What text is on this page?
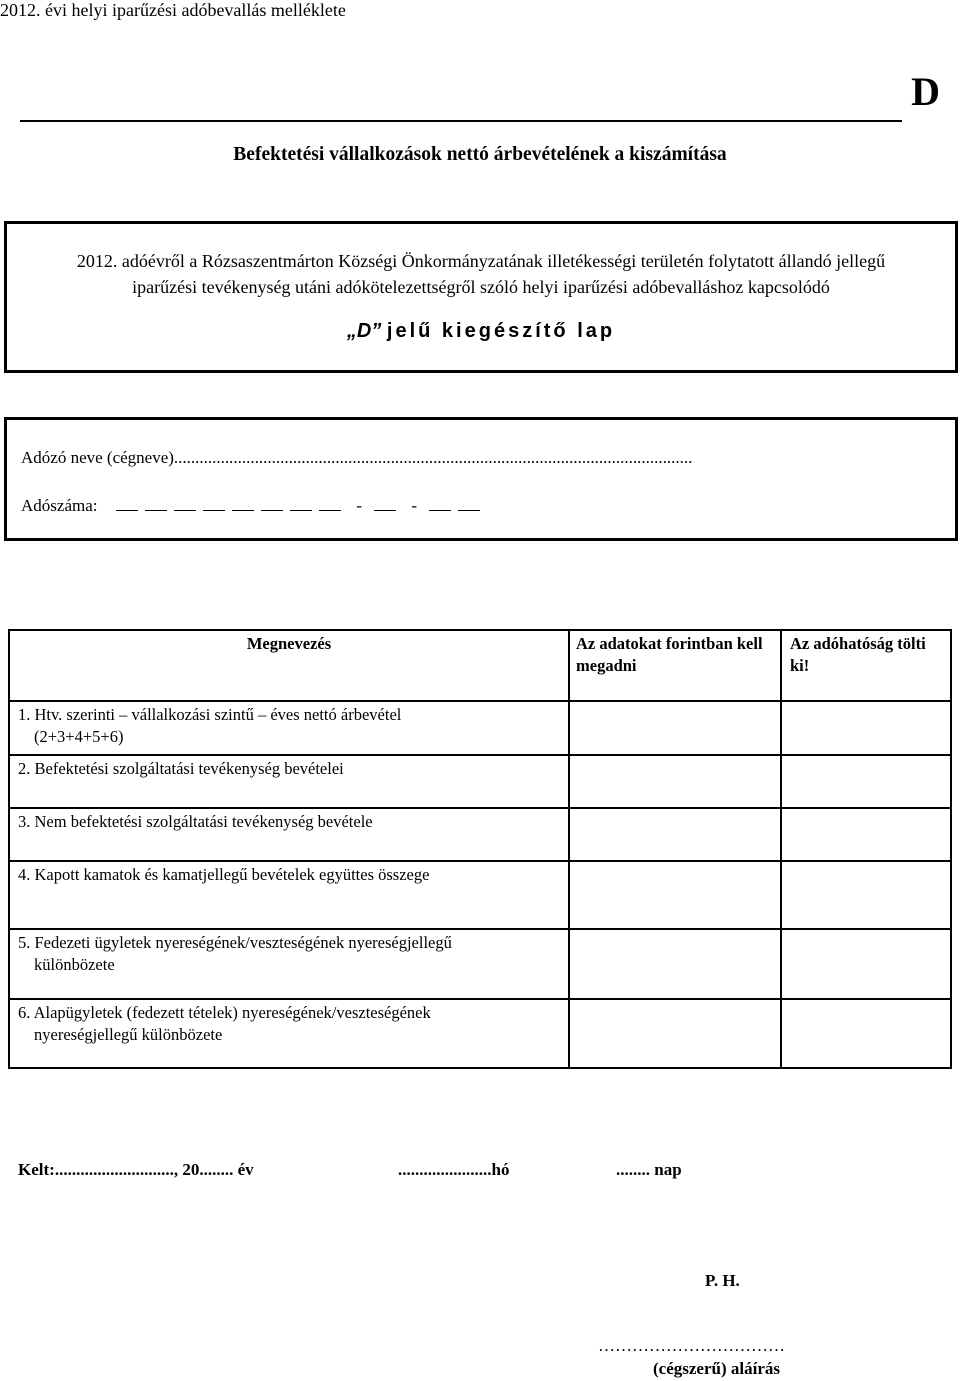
2012. évi helyi iparűzési adóbevallás melléklete
D
Befektetési vállalkozások nettó árbevételének a kiszámítása

2012. adóévről a Rózsaszentmárton Községi Önkormányzatának illetékességi területén folytatott állandó jellegű

iparűzési tevékenység utáni adókötelezettségről szóló helyi iparűzési adóbevalláshoz kapcsolódó

„D” jelű kiegészítő lap
Adózó neve (cégneve)..........................................................................................................................
Adószáma:	-	-
Megnevezés	Az adatokat forintban kell megadni	Az adóhatóság tölti ki!
1. Htv. szerinti – vállalkozási szintű – éves nettó árbevétel
(2+3+4+5+6)		
2. Befektetési szolgáltatási tevékenység bevételei		
3. Nem befektetési szolgáltatási tevékenység bevétele		
4. Kapott kamatok és kamatjellegű bevételek együttes összege		
5. Fedezeti ügyletek nyereségének/veszteségének nyereségjellegű
különbözete		
6. Alapügyletek (fedezett tételek) nyereségének/veszteségének
nyereségjellegű különbözete		
Kelt:............................, 20........ év	......................hó	........ nap
P. H.
……………………………
(cégszerű) aláírás
